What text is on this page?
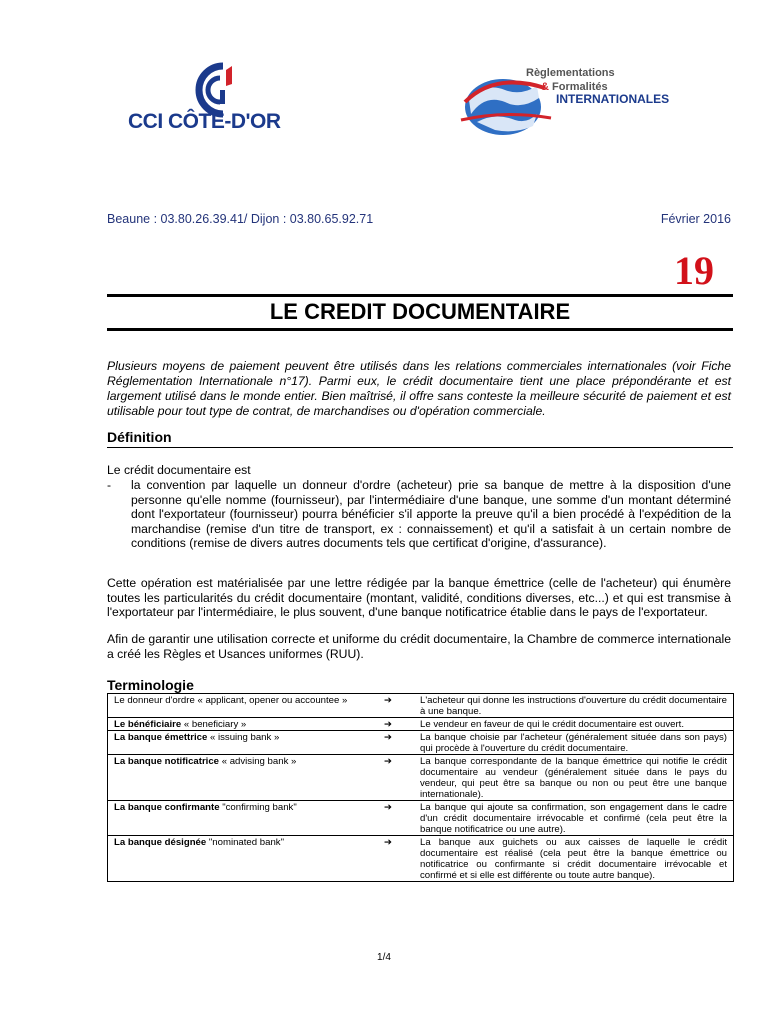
CCI CÔTE-D'OR
Règlementations
& Formalités
INTERNATIONALES
Beaune : 03.80.26.39.41/ Dijon : 03.80.65.92.71	Février 2016
19
LE CREDIT DOCUMENTAIRE
Plusieurs moyens de paiement peuvent être utilisés dans les relations commerciales internationales (voir Fiche Réglementation Internationale n°17). Parmi eux, le crédit documentaire tient une place prépondérante et est largement utilisé dans le monde entier. Bien maîtrisé, il offre sans conteste la meilleure sécurité de paiement et est utilisable pour tout type de contrat, de marchandises ou d'opération commerciale.
Définition
Le crédit documentaire est
- la convention par laquelle un donneur d'ordre (acheteur) prie sa banque de mettre à la disposition d'une personne qu'elle nomme (fournisseur), par l'intermédiaire d'une banque, une somme d'un montant déterminé dont l'exportateur (fournisseur) pourra bénéficier s'il apporte la preuve qu'il a bien procédé à l'expédition de la marchandise (remise d'un titre de transport, ex : connaissement) et qu'il a satisfait à un certain nombre de conditions (remise de divers autres documents tels que certificat d'origine, d'assurance).
Cette opération est matérialisée par une lettre rédigée par la banque émettrice (celle de l'acheteur) qui énumère toutes les particularités du crédit documentaire (montant, validité, conditions diverses, etc...) et qui est transmise à l'exportateur par l'intermédiaire, le plus souvent, d'une banque notificatrice établie dans le pays de l'exportateur.
Afin de garantir une utilisation correcte et uniforme du crédit documentaire, la Chambre de commerce internationale a créé les Règles et Usances uniformes (RUU).
Terminologie
Le donneur d'ordre « applicant, opener ou accountee »	➔	L'acheteur qui donne les instructions d'ouverture du crédit documentaire à une banque.
Le bénéficiaire « beneficiary »	➔	Le vendeur en faveur de qui le crédit documentaire est ouvert.
La banque émettrice « issuing bank »	➔	La banque choisie par l'acheteur (généralement située dans son pays) qui procède à l'ouverture du crédit documentaire.
La banque notificatrice « advising bank »	➔	La banque correspondante de la banque émettrice qui notifie le crédit documentaire au vendeur (généralement située dans le pays du vendeur, qui peut être sa banque ou non ou peut être une banque internationale).
La banque confirmante "confirming bank"	➔	La banque qui ajoute sa confirmation, son engagement dans le cadre d'un crédit documentaire irrévocable et confirmé (cela peut être la banque notificatrice ou une autre).
La banque désignée "nominated bank"	➔	La banque aux guichets ou aux caisses de laquelle le crédit documentaire est réalisé (cela peut être la banque émettrice ou notificatrice ou confirmante si crédit documentaire irrévocable et confirmé et si elle est différente ou toute autre banque).
1/4
